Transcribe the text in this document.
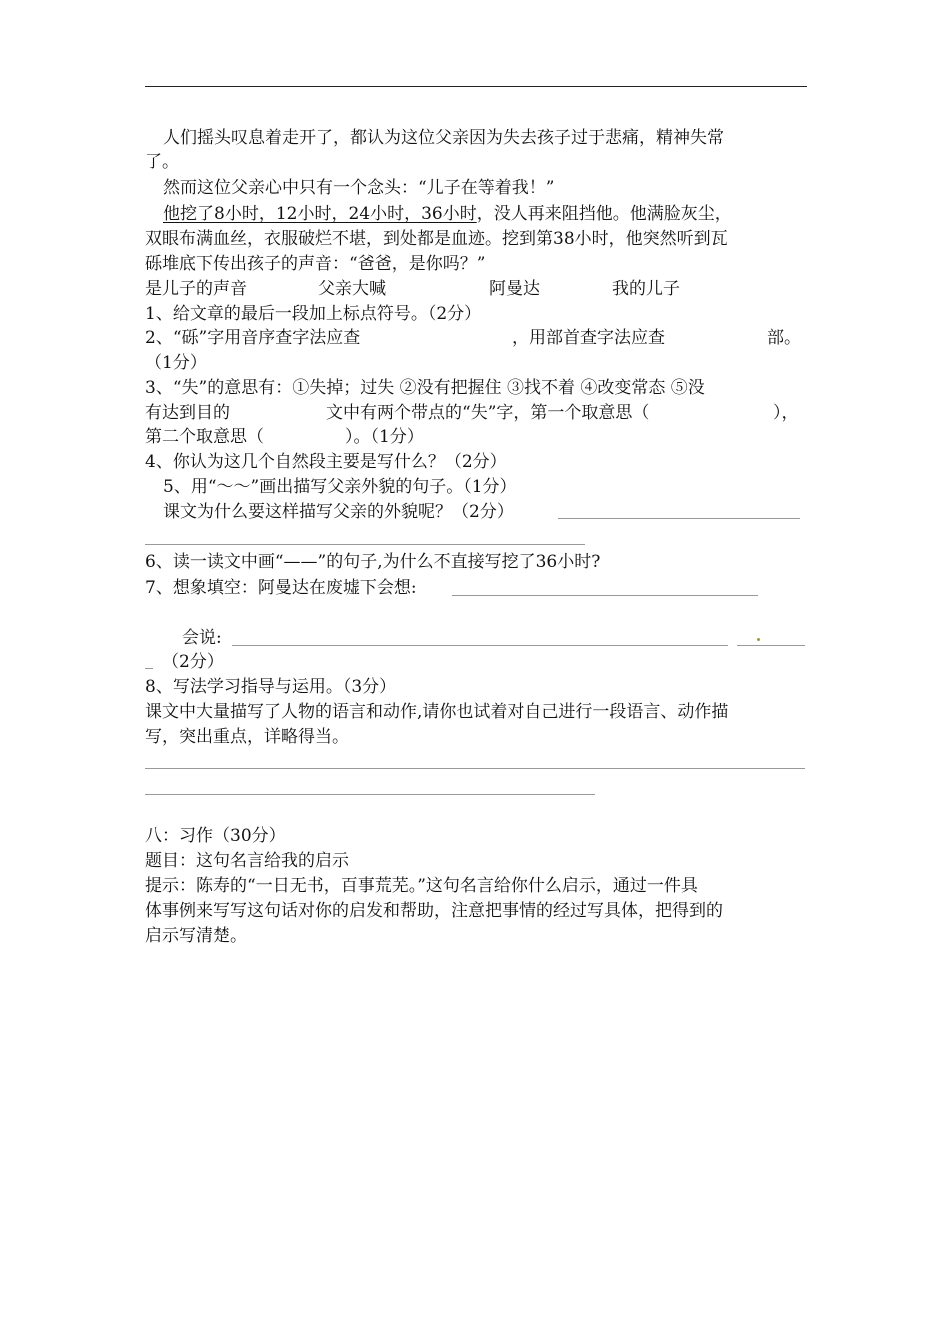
人们摇头叹息着走开了，都认为这位父亲因为失去孩子过于悲痛，精神失常
了。
然而这位父亲心中只有一个念头：“儿子在等着我！”
他挖了8小时，12小时，24小时，36小时，没人再来阻挡他。他满脸灰尘，
双眼布满血丝，衣服破烂不堪，到处都是血迹。挖到第38小时，他突然听到瓦
砾堆底下传出孩子的声音：“爸爸，是你吗？”
是儿子的声音	父亲大喊	阿曼达	我的儿子
1、给文章的最后一段加上标点符号。（2分）
2、“砾”字用音序查字法应查	，用部首查字法应查	部。
（1分）
3、“失”的意思有：①失掉；过失 ②没有把握住 ③找不着 ④改变常态 ⑤没
有达到目的	文中有两个带点的“失”字，第一个取意思（	），
第二个取意思（	）。（1分）
4、你认为这几个自然段主要是写什么？（2分）
5、用“～～”画出描写父亲外貌的句子。（1分）
课文为什么要这样描写父亲的外貌呢？（2分）
6、读一读文中画“——”的句子,为什么不直接写挖了36小时?
7、想象填空：阿曼达在废墟下会想:
会说:
（2分）
8、写法学习指导与运用。（3分）
课文中大量描写了人物的语言和动作,请你也试着对自己进行一段语言、动作描
写，突出重点，详略得当。
八：习作（30分）
题目：这句名言给我的启示
提示：陈寿的“一日无书，百事荒芜。”这句名言给你什么启示，通过一件具
体事例来写写这句话对你的启发和帮助，注意把事情的经过写具体，把得到的
启示写清楚。
